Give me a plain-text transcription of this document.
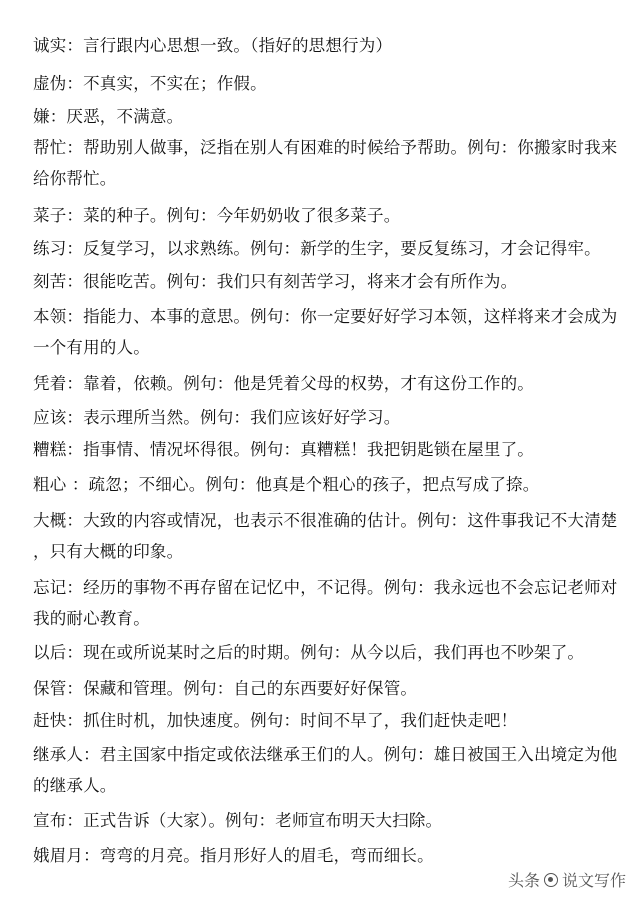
诚实：言行跟内心思想一致。（指好的思想行为）
虚伪：不真实，不实在；作假。
嫌：厌恶，不满意。
帮忙：帮助别人做事，泛指在别人有困难的时候给予帮助。例句：你搬家时我来给你帮忙。
菜子：菜的种子。例句：今年奶奶收了很多菜子。
练习：反复学习，以求熟练。例句：新学的生字，要反复练习，才会记得牢。
刻苦：很能吃苦。例句：我们只有刻苦学习，将来才会有所作为。
本领：指能力、本事的意思。例句：你一定要好好学习本领，这样将来才会成为一个有用的人。
凭着：靠着，依赖。例句：他是凭着父母的权势，才有这份工作的。
应该：表示理所当然。例句：我们应该好好学习。
糟糕：指事情、情况坏得很。例句：真糟糕！我把钥匙锁在屋里了。
粗心 ：疏忽；不细心。例句：他真是个粗心的孩子，把点写成了捺。
大概：大致的内容或情况，也表示不很准确的估计。例句：这件事我记不大清楚 ，只有大概的印象。
忘记：经历的事物不再存留在记忆中，不记得。例句：我永远也不会忘记老师对我的耐心教育。
以后：现在或所说某时之后的时期。例句：从今以后，我们再也不吵架了。
保管：保藏和管理。例句：自己的东西要好好保管。
赶快：抓住时机，加快速度。例句：时间不早了，我们赶快走吧！
继承人：君主国家中指定或依法继承王们的人。例句：雄日被国王入出境定为他的继承人。
宣布：正式告诉（大家）。例句：老师宣布明天大扫除。
娥眉月：弯弯的月亮。指月形好人的眉毛，弯而细长。
头条 说文写作
